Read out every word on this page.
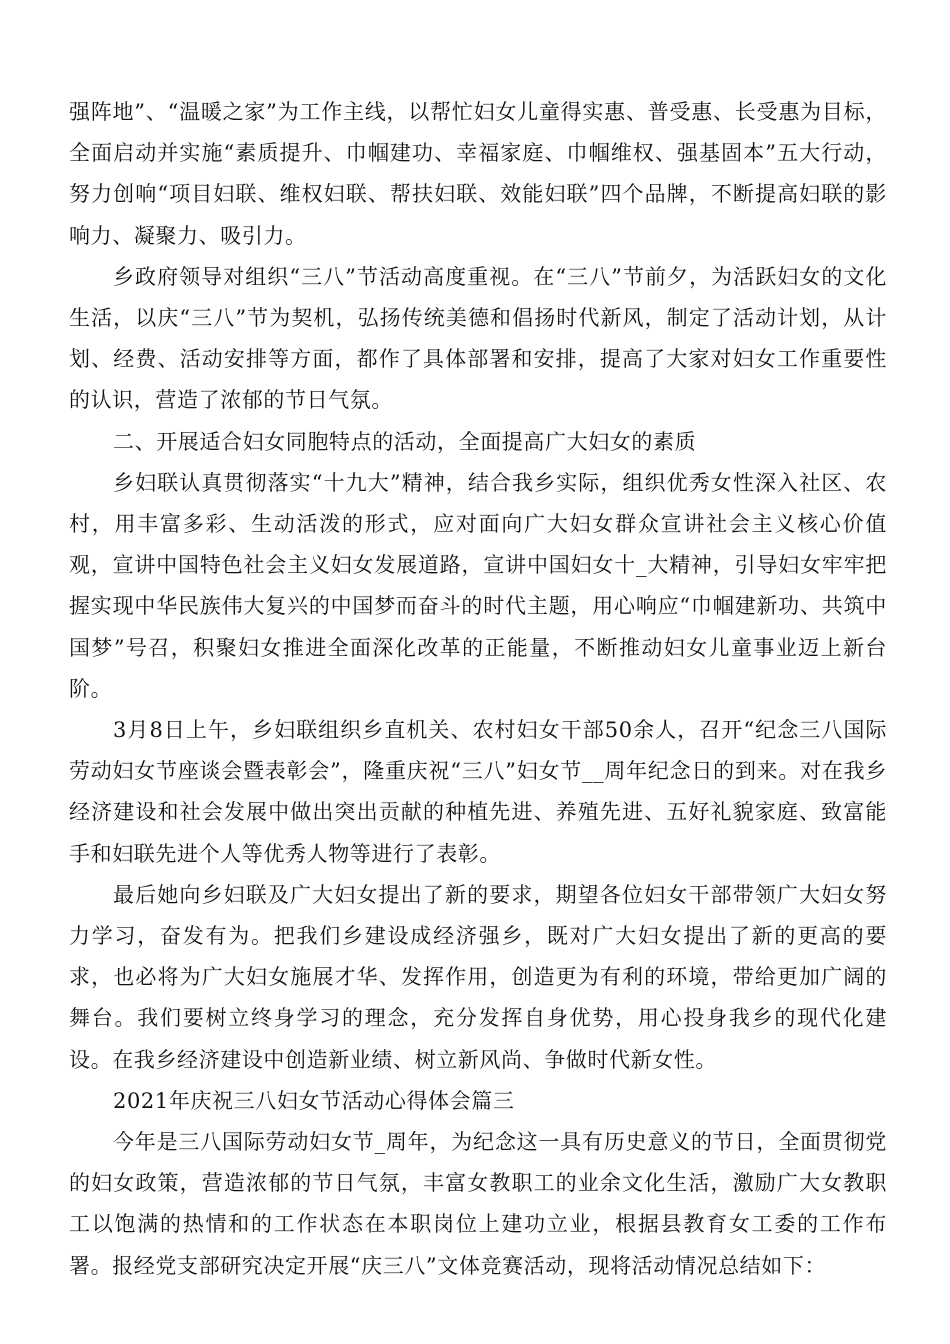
强阵地”、“温暖之家”为工作主线，以帮忙妇女儿童得实惠、普受惠、长受惠为目标，全面启动并实施“素质提升、巾帼建功、幸福家庭、巾帼维权、强基固本”五大行动，努力创响“项目妇联、维权妇联、帮扶妇联、效能妇联”四个品牌，不断提高妇联的影响力、凝聚力、吸引力。

乡政府领导对组织“三八”节活动高度重视。在“三八”节前夕，为活跃妇女的文化生活，以庆“三八”节为契机，弘扬传统美德和倡扬时代新风，制定了活动计划，从计划、经费、活动安排等方面，都作了具体部署和安排，提高了大家对妇女工作重要性的认识，营造了浓郁的节日气氛。

二、开展适合妇女同胞特点的活动，全面提高广大妇女的素质

乡妇联认真贯彻落实“十九大”精神，结合我乡实际，组织优秀女性深入社区、农村，用丰富多彩、生动活泼的形式，应对面向广大妇女群众宣讲社会主义核心价值观，宣讲中国特色社会主义妇女发展道路，宣讲中国妇女十_大精神，引导妇女牢牢把握实现中华民族伟大复兴的中国梦而奋斗的时代主题，用心响应“巾帼建新功、共筑中国梦”号召，积聚妇女推进全面深化改革的正能量，不断推动妇女儿童事业迈上新台阶。

3月8日上午，乡妇联组织乡直机关、农村妇女干部50余人，召开“纪念三八国际劳动妇女节座谈会暨表彰会”，隆重庆祝“三八”妇女节__周年纪念日的到来。对在我乡经济建设和社会发展中做出突出贡献的种植先进、养殖先进、五好礼貌家庭、致富能手和妇联先进个人等优秀人物等进行了表彰。

最后她向乡妇联及广大妇女提出了新的要求，期望各位妇女干部带领广大妇女努力学习，奋发有为。把我们乡建设成经济强乡，既对广大妇女提出了新的更高的要求，也必将为广大妇女施展才华、发挥作用，创造更为有利的环境，带给更加广阔的舞台。我们要树立终身学习的理念，充分发挥自身优势，用心投身我乡的现代化建设。在我乡经济建设中创造新业绩、树立新风尚、争做时代新女性。

2021年庆祝三八妇女节活动心得体会篇三

今年是三八国际劳动妇女节_周年，为纪念这一具有历史意义的节日，全面贯彻党的妇女政策，营造浓郁的节日气氛，丰富女教职工的业余文化生活，激励广大女教职工以饱满的热情和的工作状态在本职岗位上建功立业，根据县教育女工委的工作布署。报经党支部研究决定开展“庆三八”文体竞赛活动，现将活动情况总结如下：
